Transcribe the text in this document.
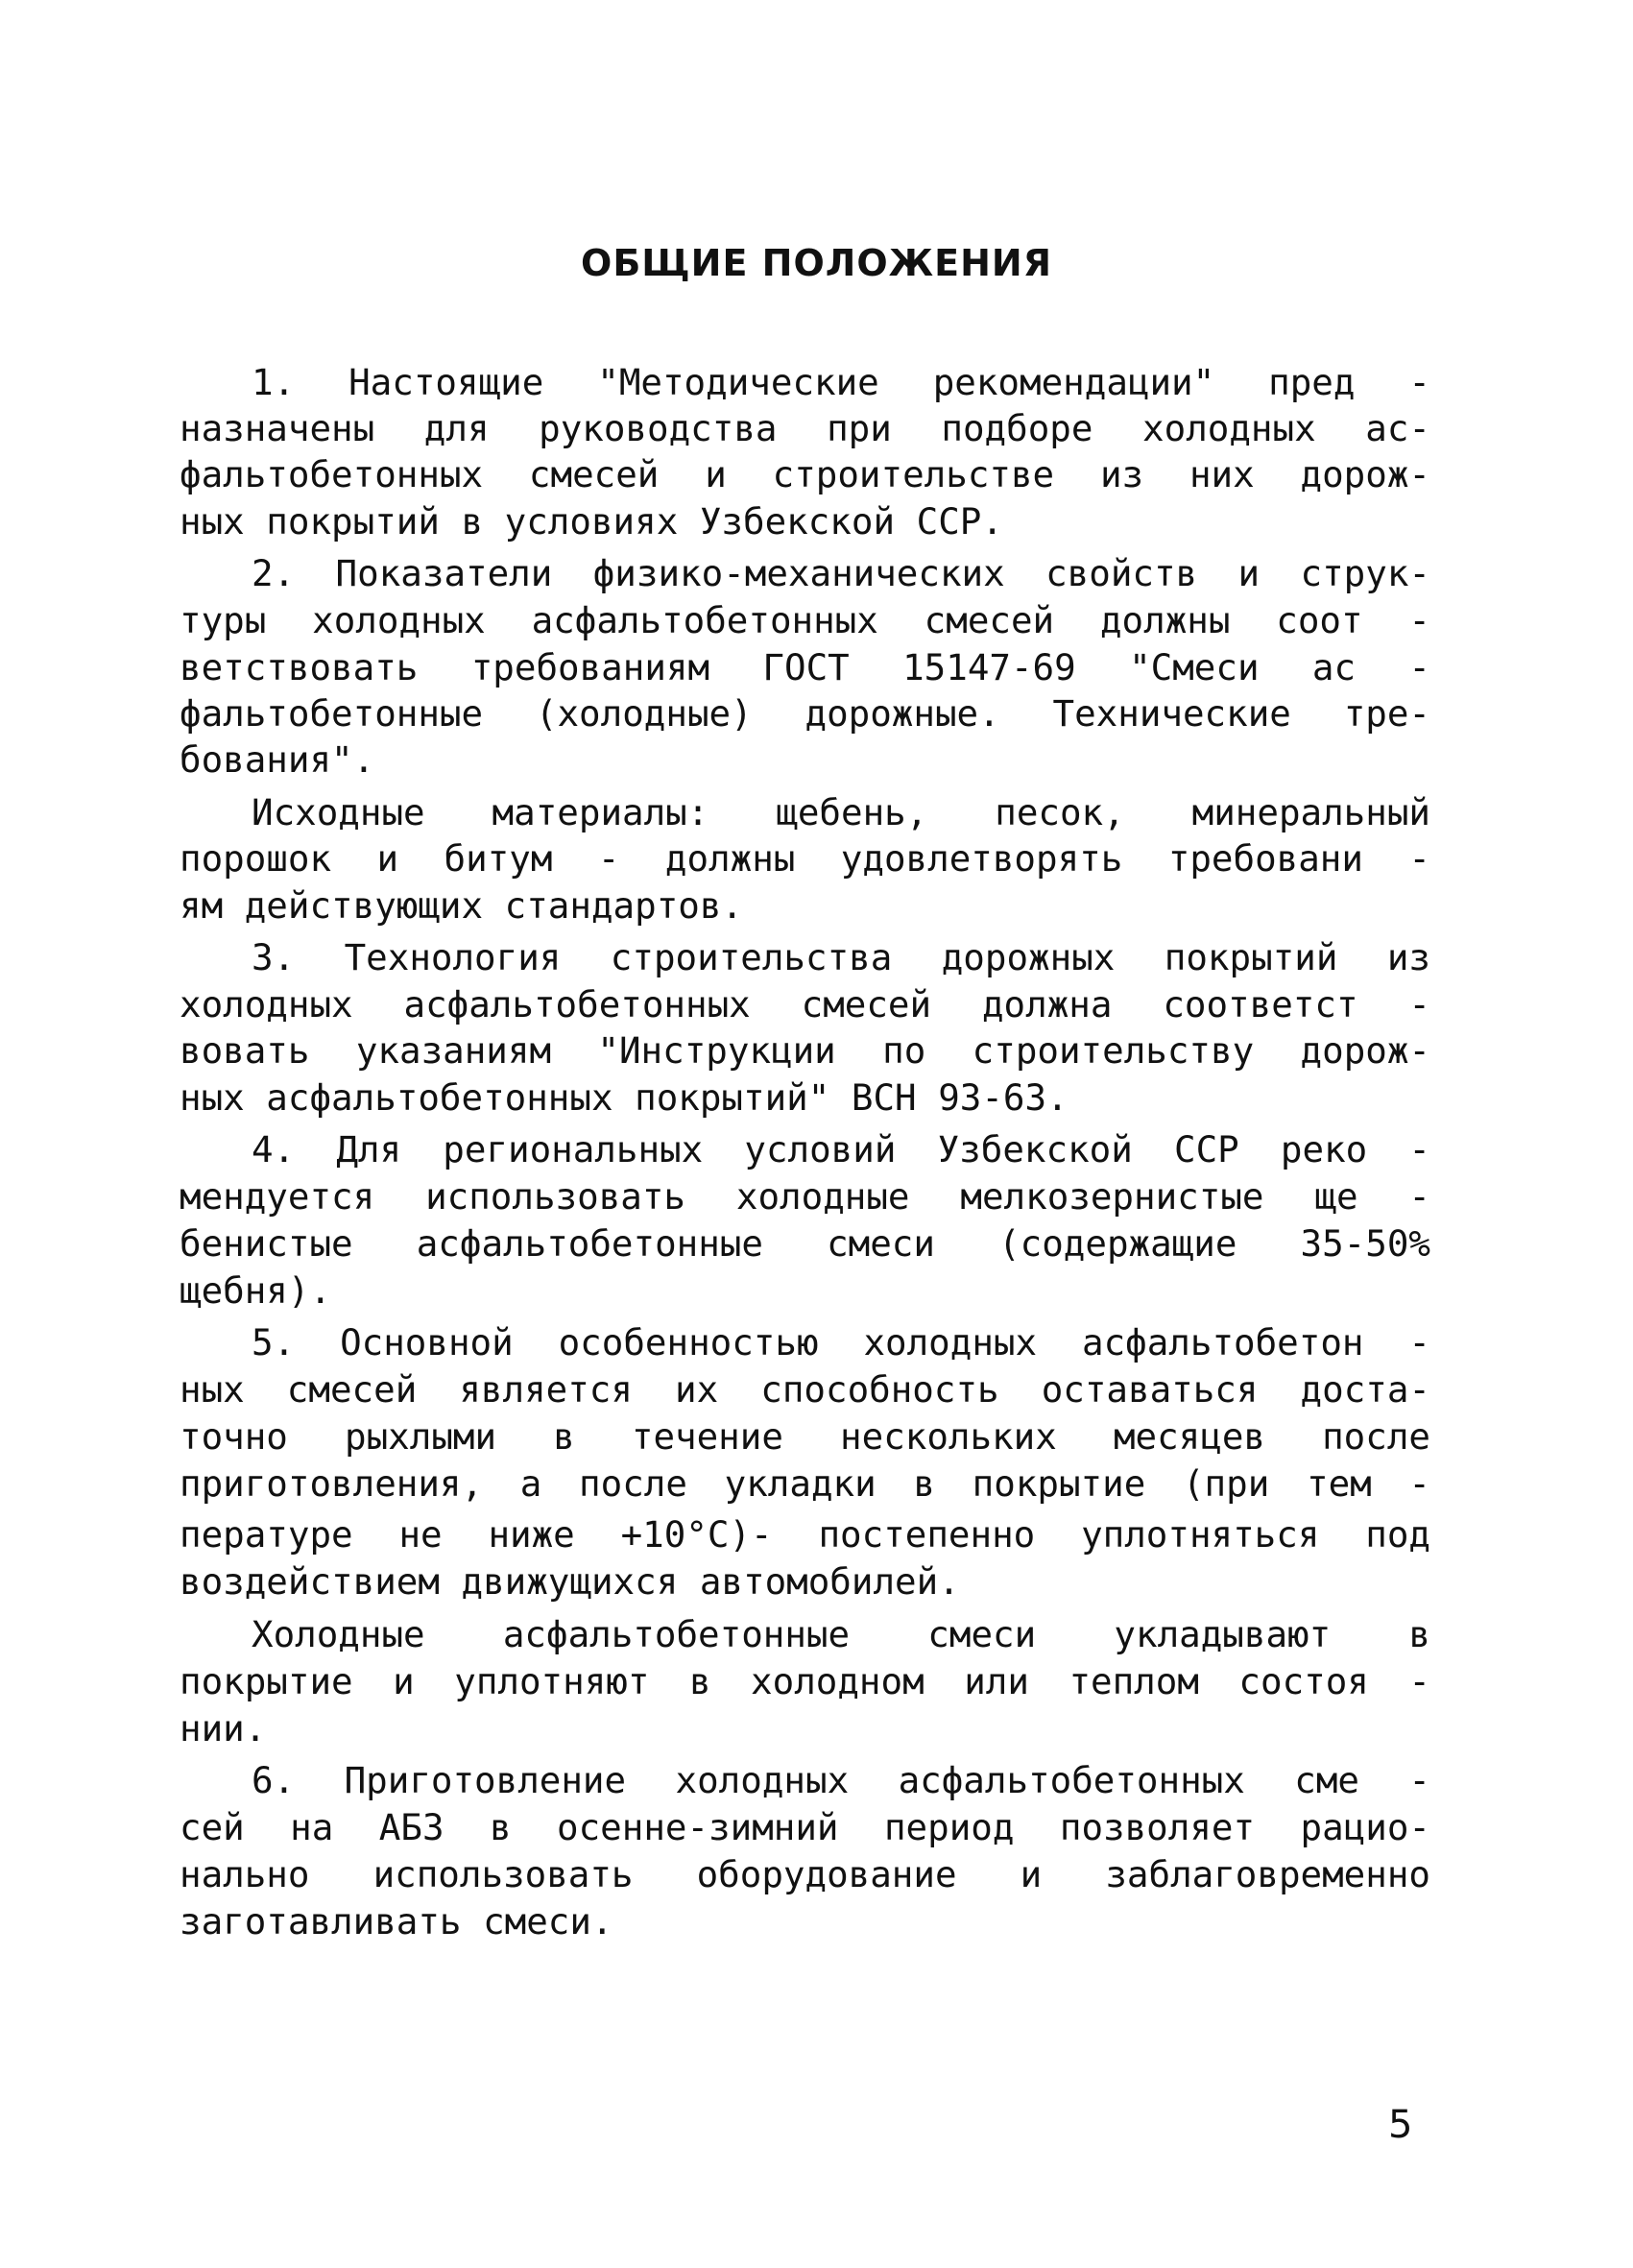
ОБЩИЕ ПОЛОЖЕНИЯ
1. Настоящие "Методические рекомендации" пред -
назначены для руководства при подборе холодных ас-
фальтобетонных смесей и строительстве из них дорож-
ных покрытий в условиях Узбекской ССР.
2. Показатели физико-механических свойств и струк-
туры холодных асфальтобетонных смесей должны соот -
ветствовать требованиям ГОСТ 15147-69 "Смеси ас -
фальтобетонные (холодные) дорожные. Технические тре-
бования".
Исходные материалы: щебень, песок, минеральный
порошок и битум - должны удовлетворять требовани -
ям действующих стандартов.
3. Технология строительства дорожных покрытий из
холодных асфальтобетонных смесей должна соответст -
вовать указаниям "Инструкции по строительству дорож-
ных асфальтобетонных покрытий" ВСН 93-63.
4. Для региональных условий Узбекской ССР реко -
мендуется использовать холодные мелкозернистые ще -
бенистые асфальтобетонные смеси (содержащие 35-50%
щебня).
5. Основной особенностью холодных асфальтобетон -
ных смесей является их способность оставаться доста-
точно рыхлыми в течение нескольких месяцев после
приготовления, а после укладки в покрытие (при тем -
пературе не ниже +10°С)- постепенно уплотняться под
воздействием движущихся автомобилей.
Холодные асфальтобетонные смеси укладывают в
покрытие и уплотняют в холодном или теплом состоя -
нии.
6. Приготовление холодных асфальтобетонных сме -
сей на АБЗ в осенне-зимний период позволяет рацио-
нально использовать оборудование и заблаговременно
заготавливать смеси.
5
